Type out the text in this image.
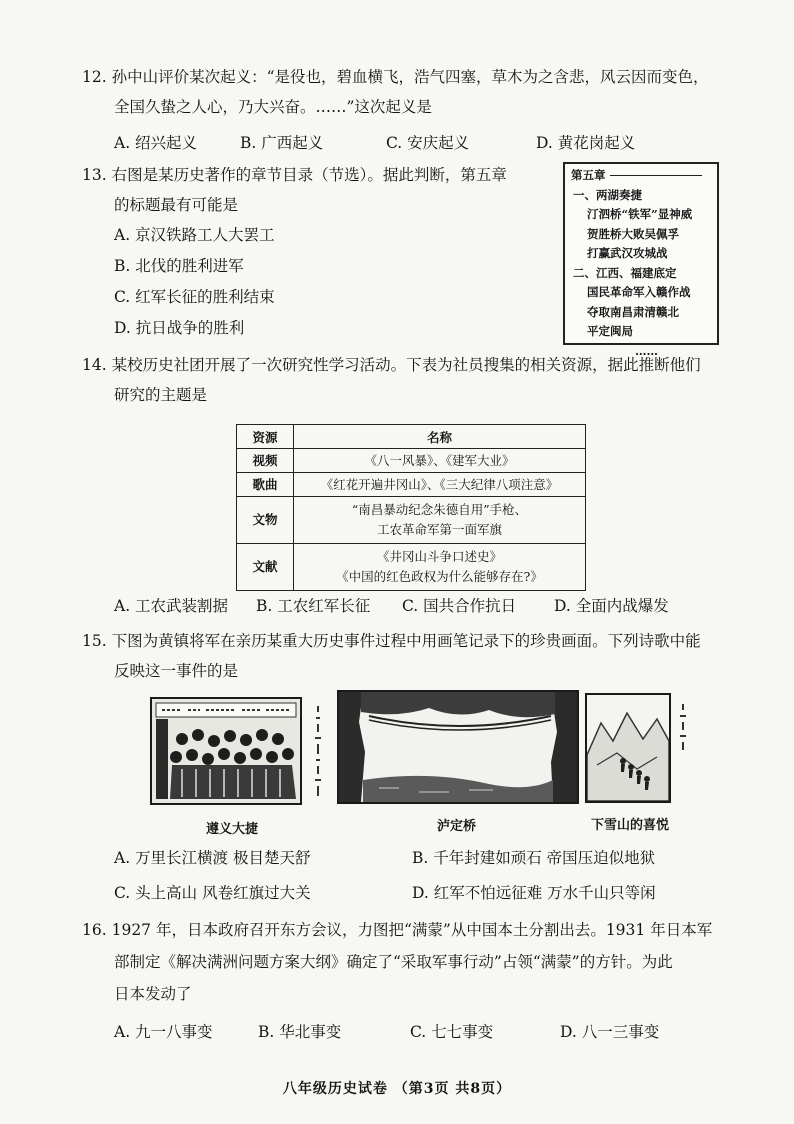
12. 孙中山评价某次起义：“是役也，碧血横飞，浩气四塞，草木为之含悲，风云因而变色，
全国久蛰之人心，乃大兴奋。……”这次起义是
A. 绍兴起义	B. 广西起义	C. 安庆起义	D. 黄花岗起义
13. 右图是某历史著作的章节目录（节选）。据此判断，第五章
的标题最有可能是
A. 京汉铁路工人大罢工
B. 北伐的胜利进军
C. 红军长征的胜利结束
D. 抗日战争的胜利
第五章
一、两湖奏捷
汀泗桥“铁军”显神威
贺胜桥大败吴佩孚
打赢武汉攻城战
二、江西、福建底定
国民革命军入赣作战
夺取南昌肃清赣北
平定闽局
……
14. 某校历史社团开展了一次研究性学习活动。下表为社员搜集的相关资源，据此推断他们
研究的主题是
资源	名称
视频	《八一风暴》、《建军大业》
歌曲	《红花开遍井冈山》、《三大纪律八项注意》
文物	“南昌暴动纪念朱德自用”手枪、
工农革命军第一面军旗

文献	《井冈山斗争口述史》
《中国的红色政权为什么能够存在?》
A. 工农武装割据	B. 工农红军长征	C. 国共合作抗日	D. 全面内战爆发
15. 下图为黄镇将军在亲历某重大历史事件过程中用画笔记录下的珍贵画面。下列诗歌中能
反映这一事件的是
遵义大捷	泸定桥	下雪山的喜悦
A. 万里长江横渡 极目楚天舒	B. 千年封建如顽石 帝国压迫似地狱
C. 头上高山 风卷红旗过大关	D. 红军不怕远征难 万水千山只等闲
16. 1927 年，日本政府召开东方会议，力图把“满蒙”从中国本土分割出去。1931 年日本军
部制定《解决满洲问题方案大纲》确定了“采取军事行动”占领“满蒙”的方针。为此
日本发动了
A. 九一八事变	B. 华北事变	C. 七七事变	D. 八一三事变
八年级历史试卷 （第3页 共8页）
